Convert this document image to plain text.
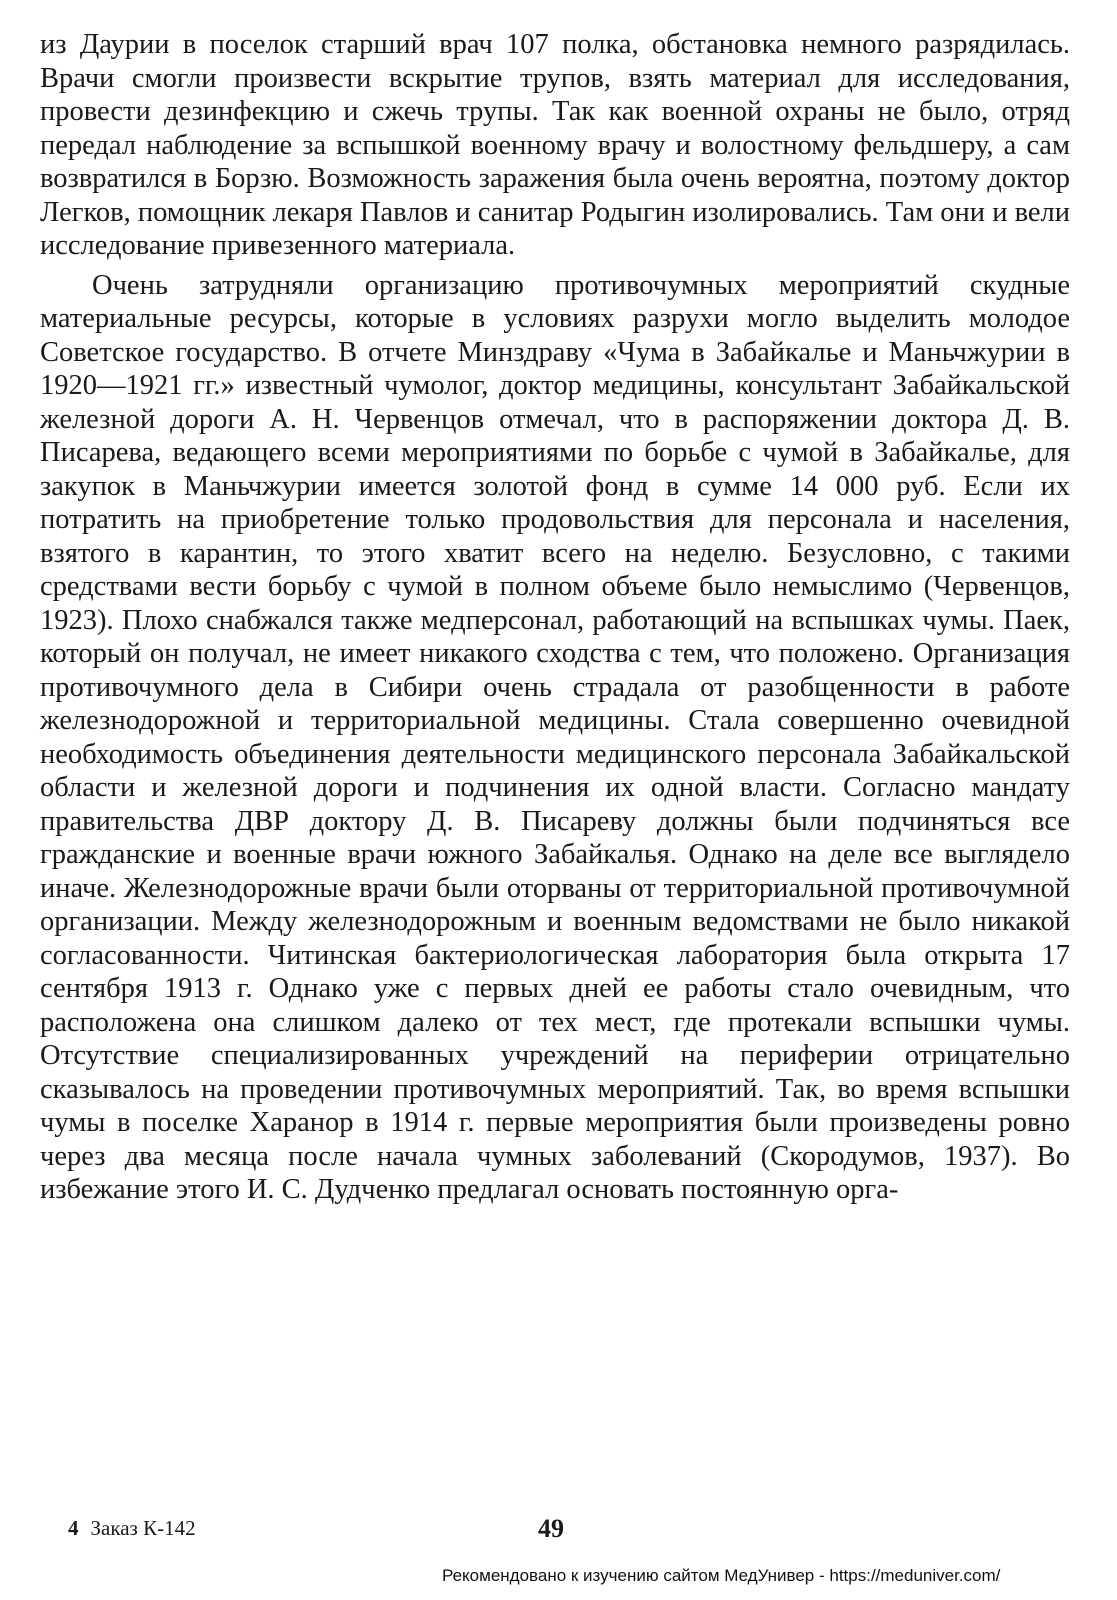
из Даурии в поселок старший врач 107 полка, обстановка немного разрядилась. Врачи смогли произвести вскрытие трупов, взять материал для исследования, провести дезинфекцию и сжечь трупы. Так как военной охраны не было, отряд передал наблюдение за вспышкой военному врачу и волостному фельдшеру, а сам возвратился в Борзю. Возможность заражения была очень вероятна, поэтому доктор Легков, помощник лекаря Павлов и санитар Родыгин изолировались. Там они и вели исследование привезенного материала.

Очень затрудняли организацию противочумных мероприятий скудные материальные ресурсы, которые в условиях разрухи могло выделить молодое Советское государство. В отчете Минздраву «Чума в Забайкалье и Маньчжурии в 1920—1921 гг.» известный чумолог, доктор медицины, консультант Забайкальской железной дороги А. Н. Червенцов отмечал, что в распоряжении доктора Д. В. Писарева, ведающего всеми мероприятиями по борьбе с чумой в Забайкалье, для закупок в Маньчжурии имеется золотой фонд в сумме 14 000 руб. Если их потратить на приобретение только продовольствия для персонала и населения, взятого в карантин, то этого хватит всего на неделю. Безусловно, с такими средствами вести борьбу с чумой в полном объеме было немыслимо (Червенцов, 1923). Плохо снабжался также медперсонал, работающий на вспышках чумы. Паек, который он получал, не имеет никакого сходства с тем, что положено. Организация противочумного дела в Сибири очень страдала от разобщенности в работе железнодорожной и территориальной медицины. Стала совершенно очевидной необходимость объединения деятельности медицинского персонала Забайкальской области и железной дороги и подчинения их одной власти. Согласно мандату правительства ДВР доктору Д. В. Писареву должны были подчиняться все гражданские и военные врачи южного Забайкалья. Однако на деле все выглядело иначе. Железнодорожные врачи были оторваны от территориальной противочумной организации. Между железнодорожным и военным ведомствами не было никакой согласованности. Читинская бактериологическая лаборатория была открыта 17 сентября 1913 г. Однако уже с первых дней ее работы стало очевидным, что расположена она слишком далеко от тех мест, где протекали вспышки чумы. Отсутствие специализированных учреждений на периферии отрицательно сказывалось на проведении противочумных мероприятий. Так, во время вспышки чумы в поселке Харанор в 1914 г. первые мероприятия были произведены ровно через два месяца после начала чумных заболеваний (Скородумов, 1937). Во избежание этого И. С. Дудченко предлагал основать постоянную орга-

4 Заказ К-142	49
Рекомендовано к изучению сайтом МедУнивер - https://meduniver.com/
